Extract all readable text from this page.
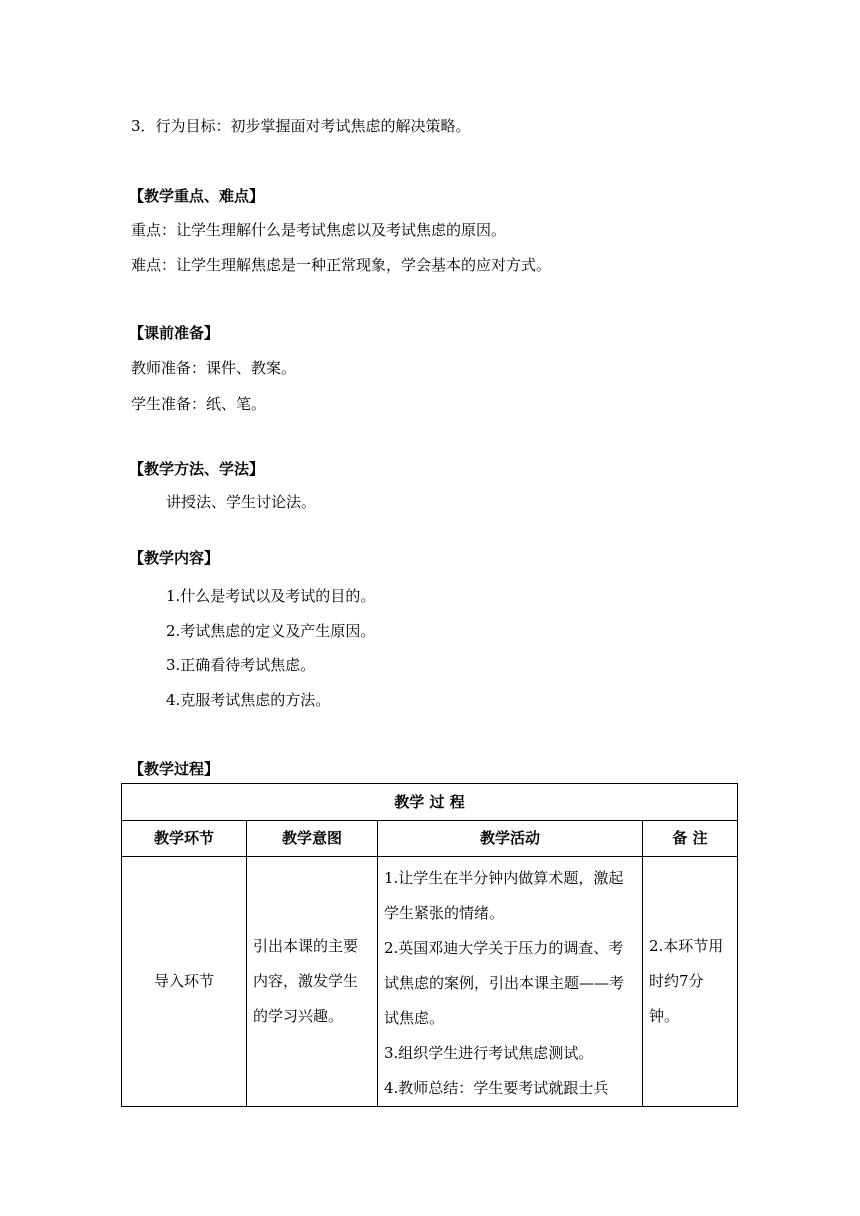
3．行为目标：初步掌握面对考试焦虑的解决策略。
【教学重点、难点】
重点：让学生理解什么是考试焦虑以及考试焦虑的原因。
难点：让学生理解焦虑是一种正常现象，学会基本的应对方式。
【课前准备】
教师准备：课件、教案。
学生准备：纸、笔。
【教学方法、学法】
讲授法、学生讨论法。
【教学内容】
1.什么是考试以及考试的目的。
2.考试焦虑的定义及产生原因。
3.正确看待考试焦虑。
4.克服考试焦虑的方法。
【教学过程】
教学 过 程			
教学环节	教学意图	教学活动	备 注
导入环节	引出本课的主要内容，激发学生的学习兴趣。	1.让学生在半分钟内做算术题，激起学生紧张的情绪。
2.英国邓迪大学关于压力的调查、考试焦虑的案例，引出本课主题——考试焦虑。
3.组织学生进行考试焦虑测试。
4.教师总结：学生要考试就跟士兵	2.本环节用时约7分钟。
